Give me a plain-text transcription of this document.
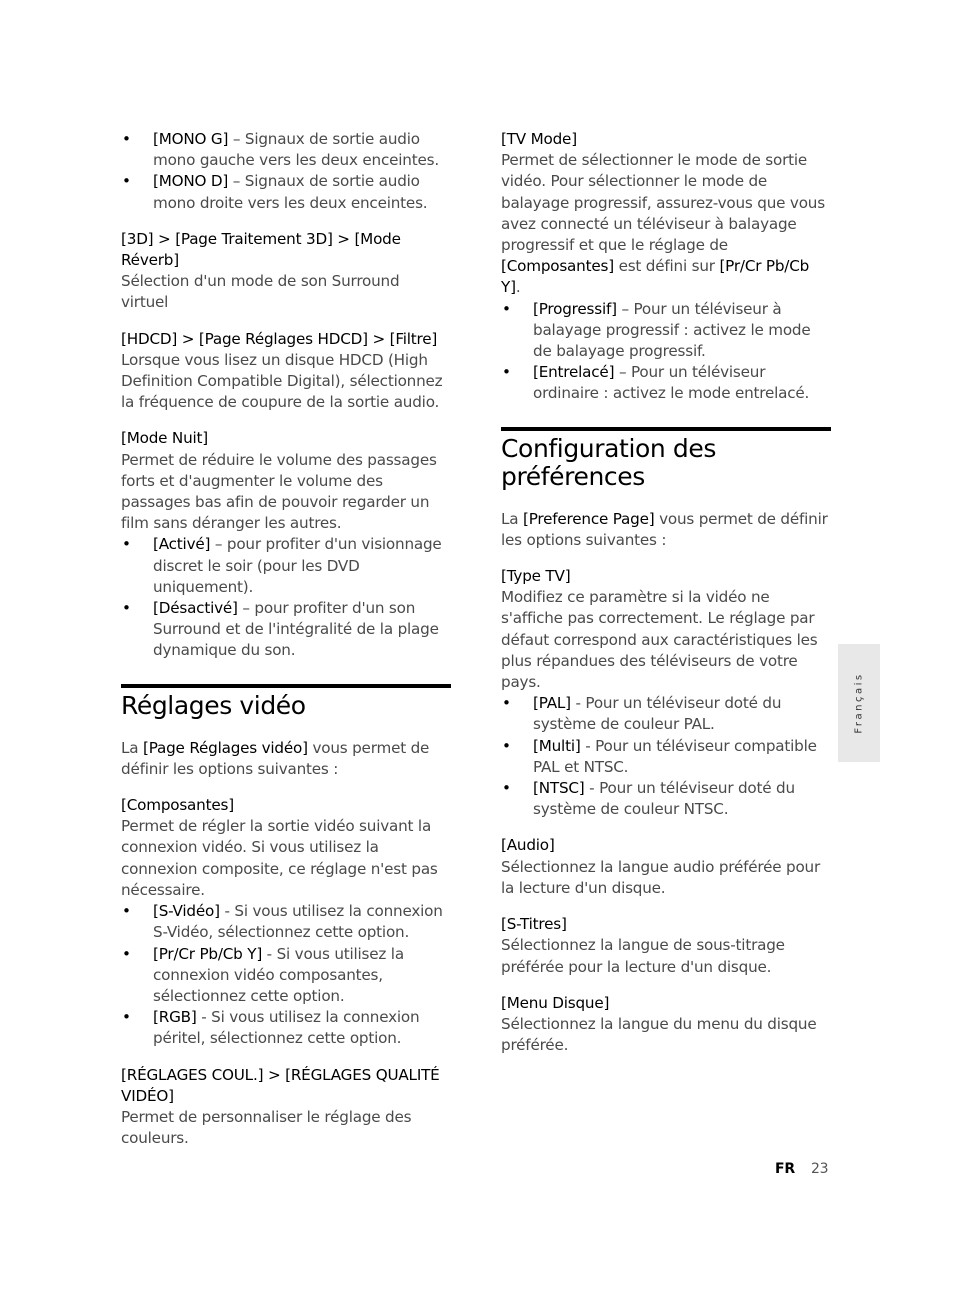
• [MONO G] – Signaux de sortie audio mono gauche vers les deux enceintes.
• [MONO D] – Signaux de sortie audio mono droite vers les deux enceintes.

[3D] > [Page Traitement 3D] > [Mode Réverb]

Sélection d'un mode de son Surround virtuel

[HDCD] > [Page Réglages HDCD] > [Filtre]

Lorsque vous lisez un disque HDCD (High Definition Compatible Digital), sélectionnez la fréquence de coupure de la sortie audio.

[Mode Nuit]

Permet de réduire le volume des passages forts et d'augmenter le volume des passages bas afin de pouvoir regarder un film sans déranger les autres.

• [Activé] – pour profiter d'un visionnage discret le soir (pour les DVD uniquement).
• [Désactivé] – pour profiter d'un son Surround et de l'intégralité de la plage dynamique du son.
Réglages vidéo

La [Page Réglages vidéo] vous permet de définir les options suivantes :

[Composantes]

Permet de régler la sortie vidéo suivant la connexion vidéo. Si vous utilisez la connexion composite, ce réglage n'est pas nécessaire.

• [S-Vidéo] - Si vous utilisez la connexion S-Vidéo, sélectionnez cette option.
• [Pr/Cr Pb/Cb Y] - Si vous utilisez la connexion vidéo composantes, sélectionnez cette option.
• [RGB] - Si vous utilisez la connexion péritel, sélectionnez cette option.

[RÉGLAGES COUL.] > [RÉGLAGES QUALITÉ VIDÉO]

Permet de personnaliser le réglage des couleurs.

[TV Mode]

Permet de sélectionner le mode de sortie vidéo. Pour sélectionner le mode de balayage progressif, assurez-vous que vous avez connecté un téléviseur à balayage progressif et que le réglage de [Composantes] est défini sur [Pr/Cr Pb/Cb Y].

• [Progressif] – Pour un téléviseur à balayage progressif : activez le mode de balayage progressif.
• [Entrelacé] – Pour un téléviseur ordinaire : activez le mode entrelacé.
Configuration des préférences

La [Preference Page] vous permet de définir les options suivantes :

[Type TV]

Modifiez ce paramètre si la vidéo ne s'affiche pas correctement. Le réglage par défaut correspond aux caractéristiques les plus répandues des téléviseurs de votre pays.

• [PAL] - Pour un téléviseur doté du système de couleur PAL.
• [Multi] - Pour un téléviseur compatible PAL et NTSC.
• [NTSC] - Pour un téléviseur doté du système de couleur NTSC.

[Audio]

Sélectionnez la langue audio préférée pour la lecture d'un disque.

[S-Titres]

Sélectionnez la langue de sous-titrage préférée pour la lecture d'un disque.

[Menu Disque]

Sélectionnez la langue du menu du disque préférée.

Français
FR 23
